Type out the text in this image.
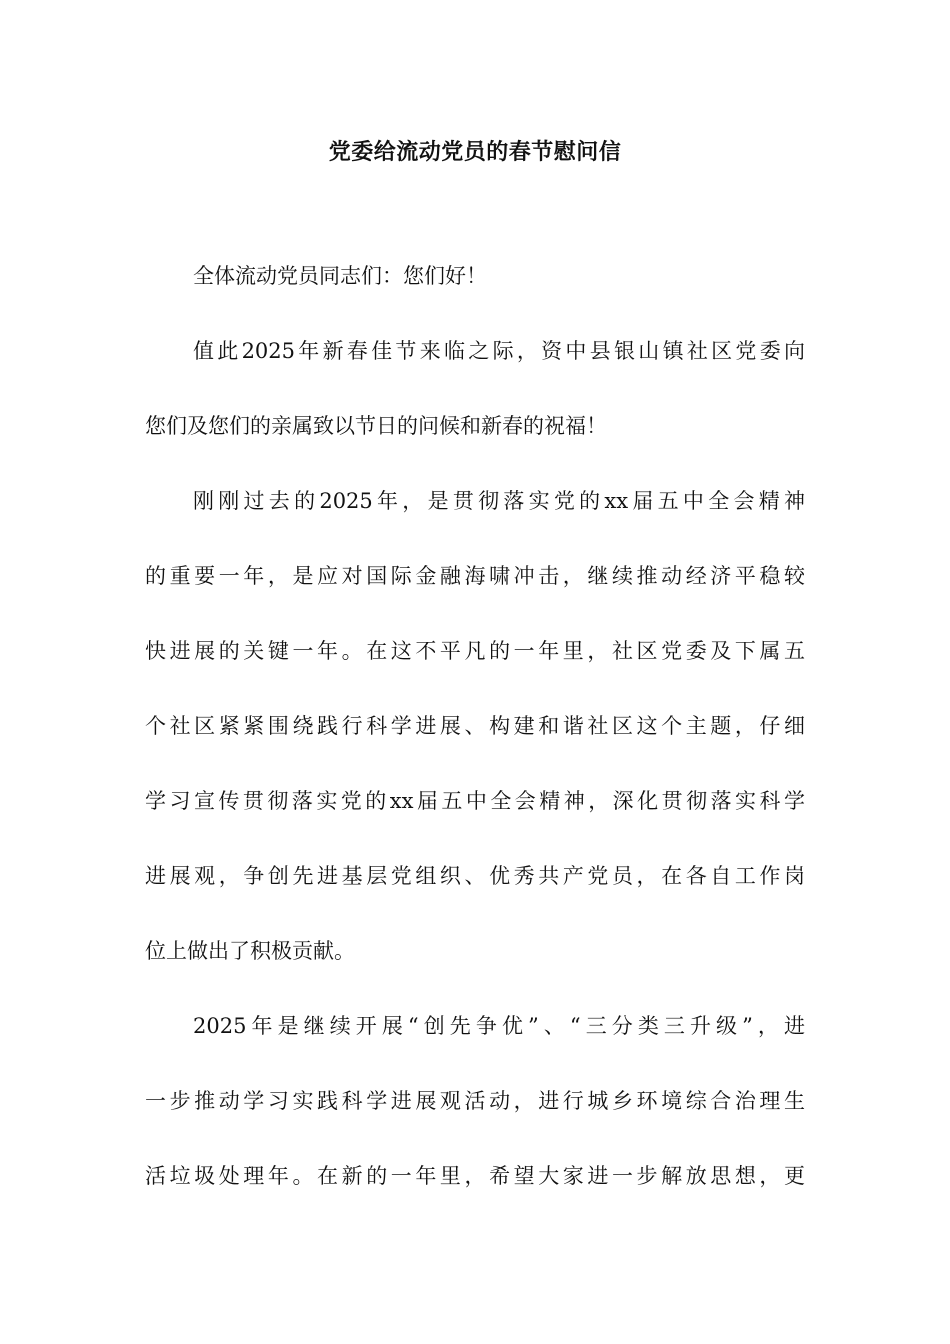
党委给流动党员的春节慰问信
全体流动党员同志们：您们好！
值此2025年新春佳节来临之际，资中县银山镇社区党委向
您们及您们的亲属致以节日的问候和新春的祝福！
刚刚过去的2025年，是贯彻落实党的xx届五中全会精神
的重要一年，是应对国际金融海啸冲击，继续推动经济平稳较
快进展的关键一年。在这不平凡的一年里，社区党委及下属五
个社区紧紧围绕践行科学进展、构建和谐社区这个主题，仔细
学习宣传贯彻落实党的xx届五中全会精神，深化贯彻落实科学
进展观，争创先进基层党组织、优秀共产党员，在各自工作岗
位上做出了积极贡献。
2025年是继续开展“创先争优”、“三分类三升级”，进
一步推动学习实践科学进展观活动，进行城乡环境综合治理生
活垃圾处理年。在新的一年里，希望大家进一步解放思想，更
